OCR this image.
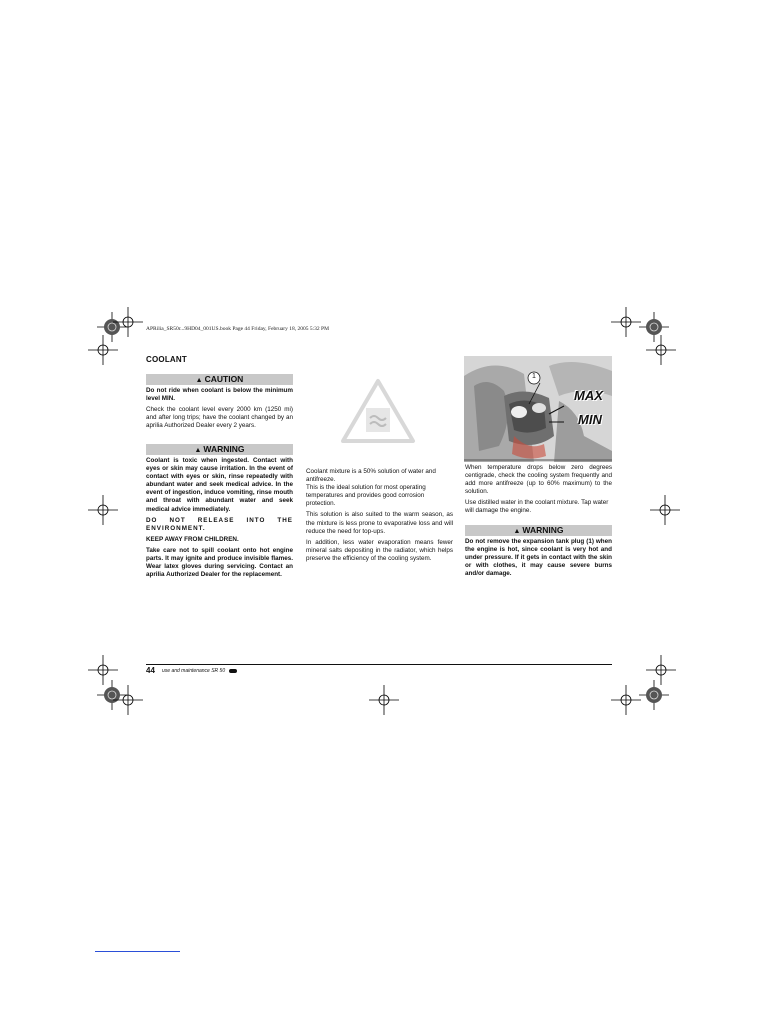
APRilia_SR50r...9HD04_001US.book Page 44 Friday, February 18, 2005 5:32 PM
COOLANT
▲ CAUTION

Do not ride when coolant is below the minimum level MIN.

Check the coolant level every 2000 km (1250 mi) and after long trips; have the coolant changed by an aprilia Authorized Dealer every 2 years.

▲ WARNING

Coolant is toxic when ingested. Contact with eyes or skin may cause irritation. In the event of contact with eyes or skin, rinse repeatedly with abundant water and seek medical advice. In the event of ingestion, induce vomiting, rinse mouth and throat with abundant water and seek medical advice immediately.

DO NOT RELEASE INTO THE ENVIRONMENT.

KEEP AWAY FROM CHILDREN.

Take care not to spill coolant onto hot engine parts. It may ignite and produce invisible flames. Wear latex gloves during servicing. Contact an aprilia Authorized Dealer for the replacement.

Coolant mixture is a 50% solution of water and antifreeze.

This is the ideal solution for most operating temperatures and provides good corrosion protection.

This solution is also suited to the warm season, as the mixture is less prone to evaporative loss and will reduce the need for top-ups.

In addition, less water evaporation means fewer mineral salts depositing in the radiator, which helps preserve the efficiency of the cooling system.

1
MAX
MIN

When temperature drops below zero degrees centigrade, check the cooling system frequently and add more antifreeze (up to 60% maximum) to the solution.

Use distilled water in the coolant mixture. Tap water will damage the engine.

▲ WARNING

Do not remove the expansion tank plug (1) when the engine is hot, since coolant is very hot and under pressure. If it gets in contact with the skin or with clothes, it may cause severe burns and/or damage.

44 use and maintenance SR 50
